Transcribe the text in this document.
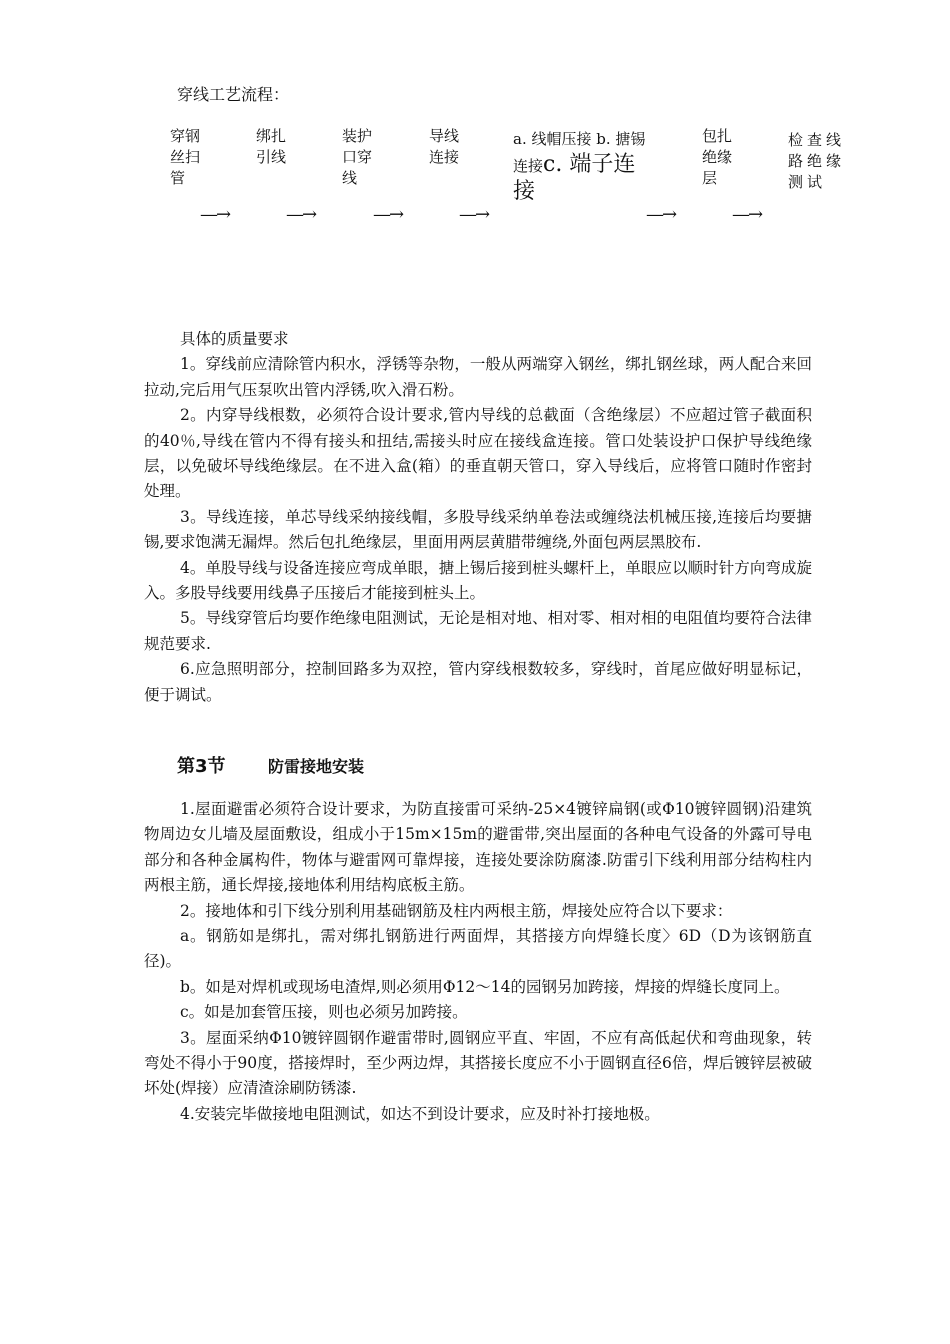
穿线工艺流程：
穿钢丝扫管
绑扎引线
装护口穿线
导线连接
a. 线帽压接 b. 搪锡连接c. 端子连接
包扎绝缘层
检查线路绝缘测试
—→	—→	—→	—→	—→	—→

具体的质量要求

1。穿线前应清除管内积水，浮锈等杂物，一般从两端穿入钢丝，绑扎钢丝球，两人配合来回拉动,完后用气压泵吹出管内浮锈,吹入滑石粉。

2。内穿导线根数，必须符合设计要求,管内导线的总截面（含绝缘层）不应超过管子截面积的40％,导线在管内不得有接头和扭结,需接头时应在接线盒连接。管口处装设护口保护导线绝缘层，以免破坏导线绝缘层。在不进入盒(箱）的垂直朝天管口，穿入导线后，应将管口随时作密封处理。

3。导线连接，单芯导线采纳接线帽，多股导线采纳单卷法或缠绕法机械压接,连接后均要搪锡,要求饱满无漏焊。然后包扎绝缘层，里面用两层黄腊带缠绕,外面包两层黑胶布.

4。单股导线与设备连接应弯成单眼，搪上锡后接到桩头螺杆上，单眼应以顺时针方向弯成旋入。多股导线要用线鼻子压接后才能接到桩头上。

5。导线穿管后均要作绝缘电阻测试，无论是相对地、相对零、相对相的电阻值均要符合法律规范要求.

6.应急照明部分，控制回路多为双控，管内穿线根数较多，穿线时，首尾应做好明显标记，便于调试。

第3节	防雷接地安装

1.屋面避雷必须符合设计要求，为防直接雷可采纳-25×4镀锌扁钢(或Φ10镀锌圆钢)沿建筑物周边女儿墙及屋面敷设，组成小于15m×15m的避雷带,突出屋面的各种电气设备的外露可导电部分和各种金属构件，物体与避雷网可靠焊接，连接处要涂防腐漆.防雷引下线利用部分结构柱内两根主筋，通长焊接,接地体利用结构底板主筋。

2。接地体和引下线分别利用基础钢筋及柱内两根主筋，焊接处应符合以下要求：

a。钢筋如是绑扎，需对绑扎钢筋进行两面焊，其搭接方向焊缝长度〉6D（D为该钢筋直径)。

b。如是对焊机或现场电渣焊,则必须用Φ12～14的园钢另加跨接，焊接的焊缝长度同上。

c。如是加套管压接，则也必须另加跨接。

3。屋面采纳Φ10镀锌圆钢作避雷带时,圆钢应平直、牢固，不应有高低起伏和弯曲现象，转弯处不得小于90度，搭接焊时，至少两边焊，其搭接长度应不小于圆钢直径6倍，焊后镀锌层被破坏处(焊接）应清渣涂刷防锈漆.

4.安装完毕做接地电阻测试，如达不到设计要求，应及时补打接地极。
